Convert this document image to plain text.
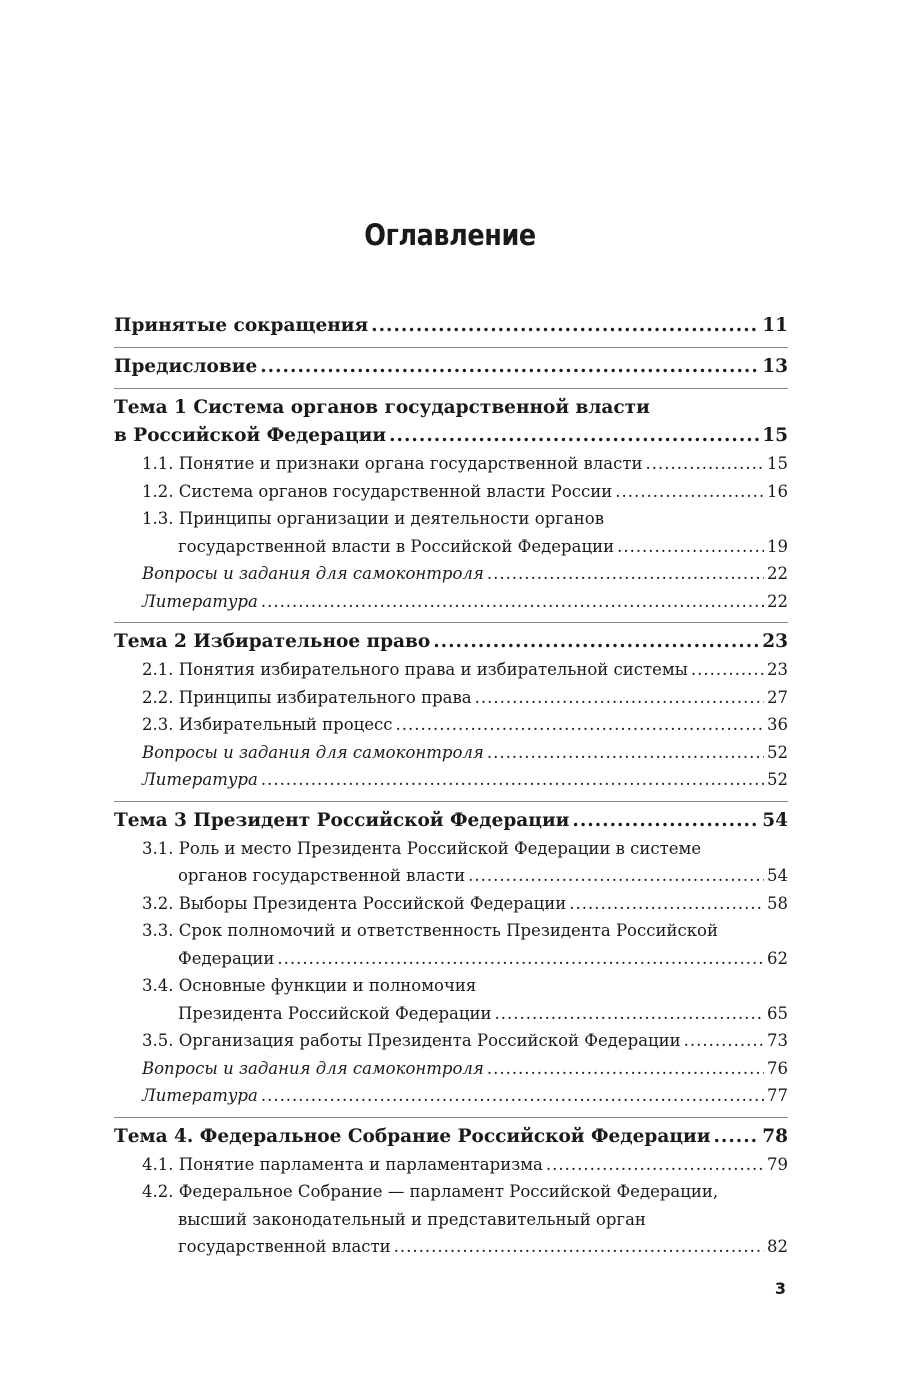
Оглавление
Принятые сокращения .....	11
Предисловие .....	13
Тема 1 Система органов государственной власти
в Российской Федерации .....	15
1.1. Понятие и признаки органа государственной власти .....	15
1.2. Система органов государственной власти России .....	16
1.3. Принципы организации и деятельности органов
государственной власти в Российской Федерации .....	19
Вопросы и задания для самоконтроля .....	22
Литература .....	22
Тема 2 Избирательное право .....	23
2.1. Понятия избирательного права и избирательной системы .....	23
2.2. Принципы избирательного права .....	27
2.3. Избирательный процесс .....	36
Вопросы и задания для самоконтроля .....	52
Литература .....	52
Тема 3 Президент Российской Федерации .....	54
3.1. Роль и место Президента Российской Федерации в системе
органов государственной власти .....	54
3.2. Выборы Президента Российской Федерации .....	58
3.3. Срок полномочий и ответственность Президента Российской
Федерации .....	62
3.4. Основные функции и полномочия
Президента Российской Федерации .....	65
3.5. Организация работы Президента Российской Федерации .....	73
Вопросы и задания для самоконтроля .....	76
Литература .....	77
Тема 4. Федеральное Собрание Российской Федерации .....	78
4.1. Понятие парламента и парламентаризма .....	79
4.2. Федеральное Собрание — парламент Российской Федерации,
высший законодательный и представительный орган
государственной власти .....	82
3
